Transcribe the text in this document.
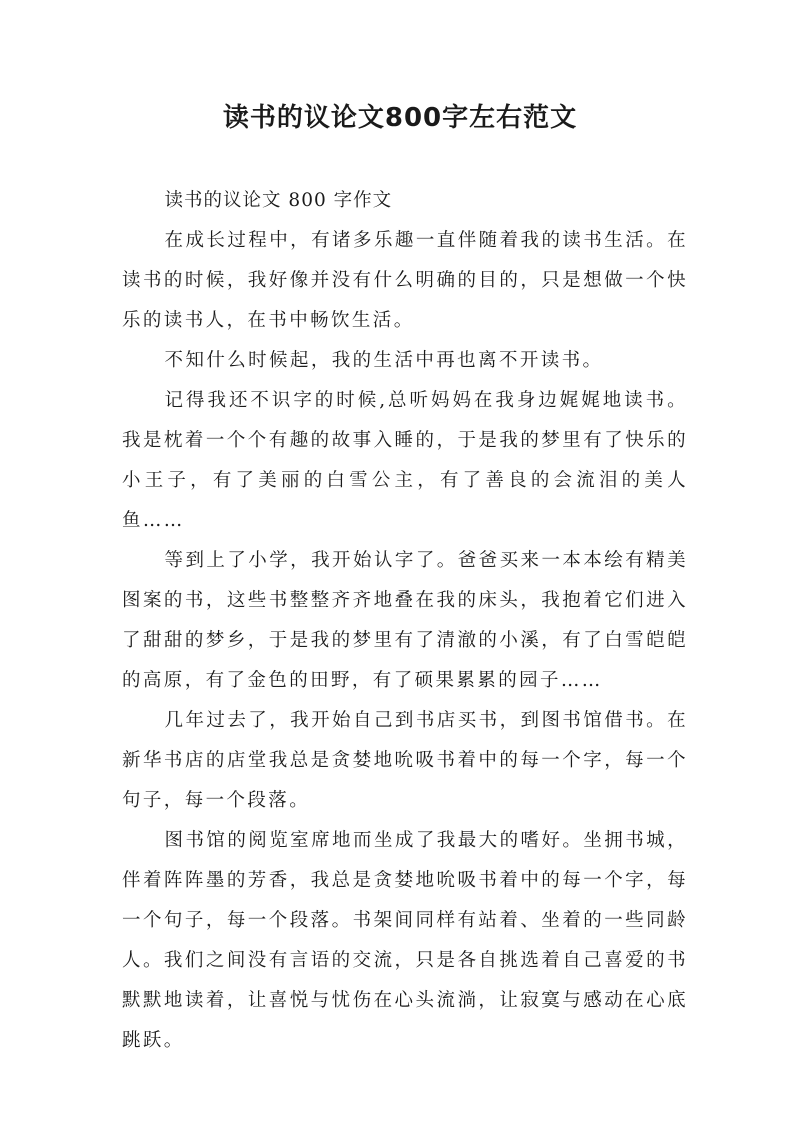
读书的议论文800字左右范文

读书的议论文 800 字作文

在成长过程中，有诸多乐趣一直伴随着我的读书生活。在读书的时候，我好像并没有什么明确的目的，只是想做一个快乐的读书人，在书中畅饮生活。

不知什么时候起，我的生活中再也离不开读书。

记得我还不识字的时候,总听妈妈在我身边娓娓地读书。我是枕着一个个有趣的故事入睡的，于是我的梦里有了快乐的小王子，有了美丽的白雪公主，有了善良的会流泪的美人鱼……

等到上了小学，我开始认字了。爸爸买来一本本绘有精美图案的书，这些书整整齐齐地叠在我的床头，我抱着它们进入了甜甜的梦乡，于是我的梦里有了清澈的小溪，有了白雪皑皑的高原，有了金色的田野，有了硕果累累的园子……

几年过去了，我开始自己到书店买书，到图书馆借书。在新华书店的店堂我总是贪婪地吮吸书着中的每一个字，每一个句子，每一个段落。

图书馆的阅览室席地而坐成了我最大的嗜好。坐拥书城，伴着阵阵墨的芳香，我总是贪婪地吮吸书着中的每一个字，每一个句子，每一个段落。书架间同样有站着、坐着的一些同龄人。我们之间没有言语的交流，只是各自挑选着自己喜爱的书默默地读着，让喜悦与忧伤在心头流淌，让寂寞与感动在心底跳跃。
